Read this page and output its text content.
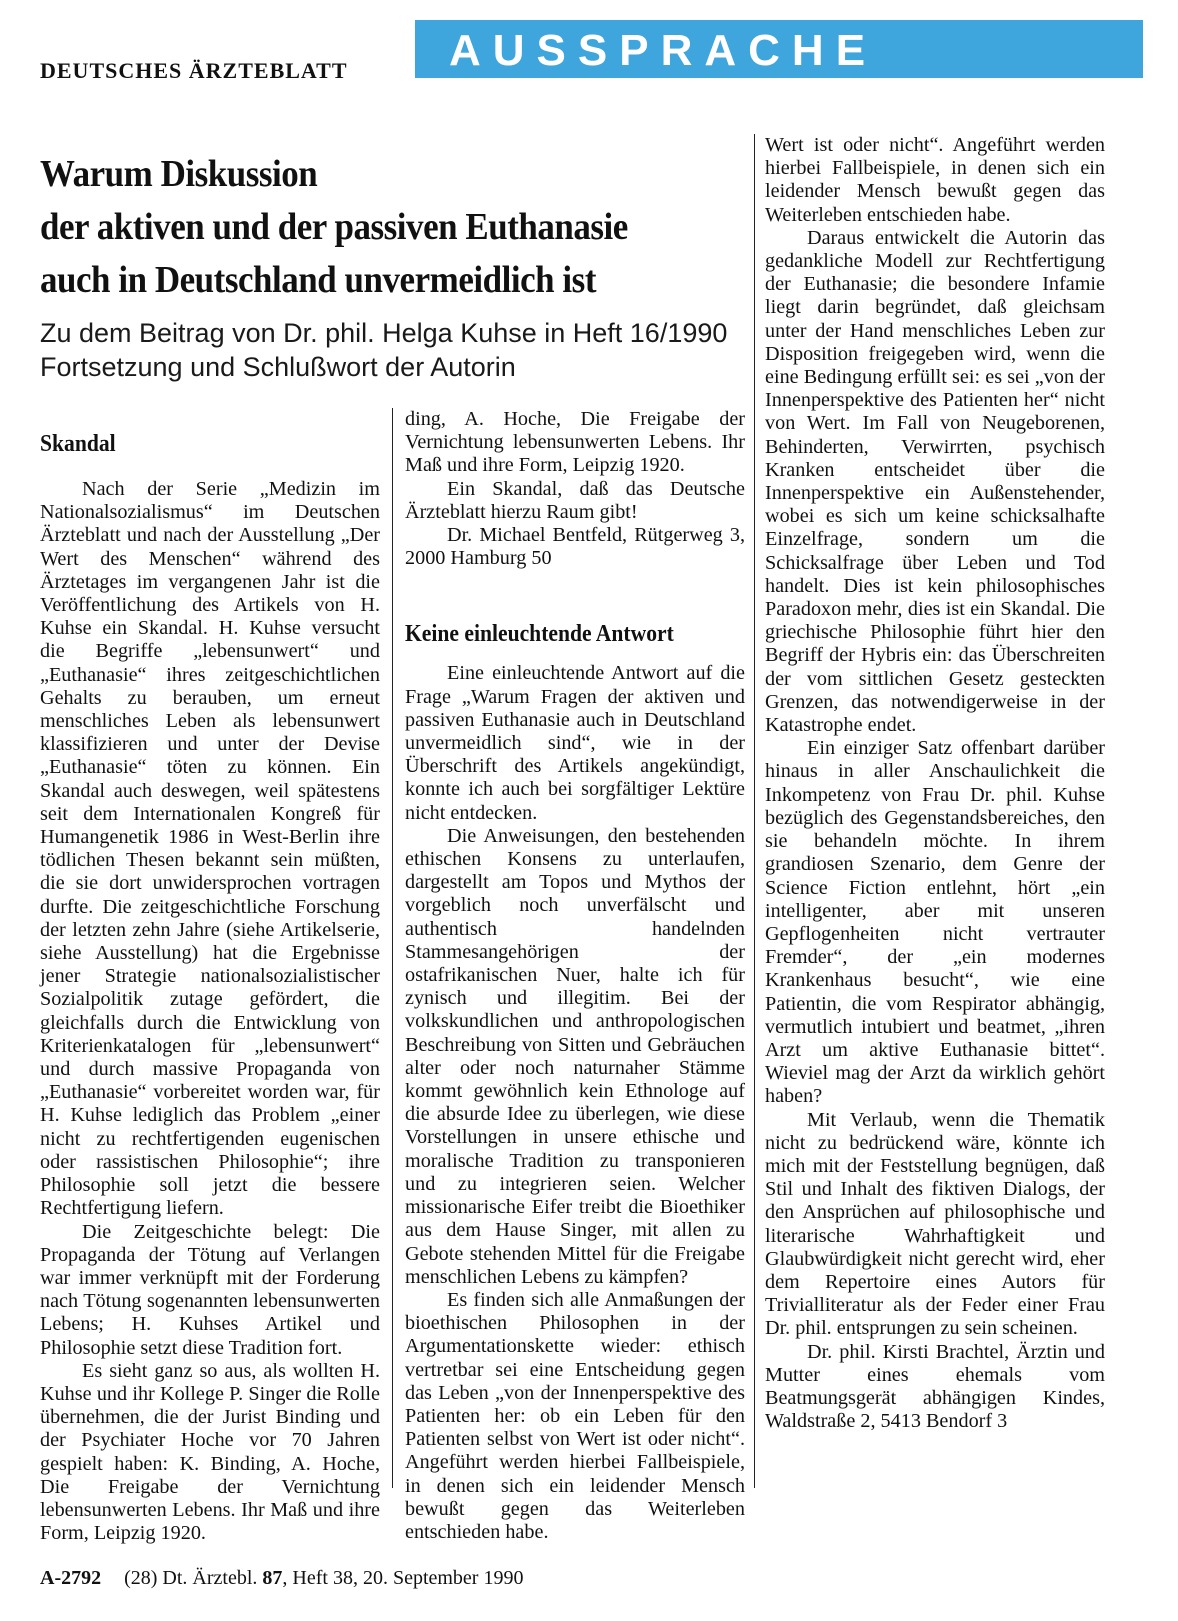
DEUTSCHES ÄRZTEBLATT AUSSPRACHE
Warum Diskussion
der aktiven und der passiven Euthanasie
auch in Deutschland unvermeidlich ist
Zu dem Beitrag von Dr. phil. Helga Kuhse in Heft 16/1990
Fortsetzung und Schlußwort der Autorin
Skandal

Nach der Serie „Medizin im Nationalsozialismus“ im Deutschen Ärzteblatt und nach der Ausstellung „Der Wert des Menschen“ während des Ärztetages im vergangenen Jahr ist die Veröffentlichung des Artikels von H. Kuhse ein Skandal. H. Kuhse versucht die Begriffe „lebensunwert“ und „Euthanasie“ ihres zeitgeschichtlichen Gehalts zu berauben, um erneut menschliches Leben als lebensunwert klassifizieren und unter der Devise „Euthanasie“ töten zu können. Ein Skandal auch deswegen, weil spätestens seit dem Internationalen Kongreß für Humangenetik 1986 in West-Berlin ihre tödlichen Thesen bekannt sein müßten, die sie dort unwidersprochen vortragen durfte. Die zeitgeschichtliche Forschung der letzten zehn Jahre (siehe Artikelserie, siehe Ausstellung) hat die Ergebnisse jener Strategie nationalsozialistischer Sozialpolitik zutage gefördert, die gleichfalls durch die Entwicklung von Kriterienkatalogen für „lebensunwert“ und durch massive Propaganda von „Euthanasie“ vorbereitet worden war, für H. Kuhse lediglich das Problem „einer nicht zu rechtfertigenden eugenischen oder rassistischen Philosophie“; ihre Philosophie soll jetzt die bessere Rechtfertigung liefern.

Die Zeitgeschichte belegt: Die Propaganda der Tötung auf Verlangen war immer verknüpft mit der Forderung nach Tötung sogenannten lebensunwerten Lebens; H. Kuhses Artikel und Philosophie setzt diese Tradition fort.

Es sieht ganz so aus, als wollten H. Kuhse und ihr Kollege P. Singer die Rolle übernehmen, die der Jurist Binding und der Psychiater Hoche vor 70 Jahren gespielt haben: K. Binding, A. Hoche, Die Freigabe der Vernichtung lebensunwerten Lebens. Ihr Maß und ihre Form, Leipzig 1920.

ding, A. Hoche, Die Freigabe der Vernichtung lebensunwerten Lebens. Ihr Maß und ihre Form, Leipzig 1920.

Ein Skandal, daß das Deutsche Ärzteblatt hierzu Raum gibt!

Dr. Michael Bentfeld, Rütgerweg 3, 2000 Hamburg 50

Keine einleuchtende Antwort

Eine einleuchtende Antwort auf die Frage „Warum Fragen der aktiven und passiven Euthanasie auch in Deutschland unvermeidlich sind“, wie in der Überschrift des Artikels angekündigt, konnte ich auch bei sorgfältiger Lektüre nicht entdecken.

Die Anweisungen, den bestehenden ethischen Konsens zu unterlaufen, dargestellt am Topos und Mythos der vorgeblich noch unverfälscht und authentisch handelnden Stammesangehörigen der ostafrikanischen Nuer, halte ich für zynisch und illegitim. Bei der volkskundlichen und anthropologischen Beschreibung von Sitten und Gebräuchen alter oder noch naturnaher Stämme kommt gewöhnlich kein Ethnologe auf die absurde Idee zu überlegen, wie diese Vorstellungen in unsere ethische und moralische Tradition zu transponieren und zu integrieren seien. Welcher missionarische Eifer treibt die Bioethiker aus dem Hause Singer, mit allen zu Gebote stehenden Mittel für die Freigabe menschlichen Lebens zu kämpfen?

Es finden sich alle Anmaßungen der bioethischen Philosophen in der Argumentationskette wieder: ethisch vertretbar sei eine Entscheidung gegen das Leben „von der Innenperspektive des Patienten her: ob ein Leben für den Patienten selbst von Wert ist oder nicht“. Angeführt werden hierbei Fallbeispiele, in denen sich ein leidender Mensch bewußt gegen das Weiterleben entschieden habe.

Wert ist oder nicht“. Angeführt werden hierbei Fallbeispiele, in denen sich ein leidender Mensch bewußt gegen das Weiterleben entschieden habe.

Daraus entwickelt die Autorin das gedankliche Modell zur Rechtfertigung der Euthanasie; die besondere Infamie liegt darin begründet, daß gleichsam unter der Hand menschliches Leben zur Disposition freigegeben wird, wenn die eine Bedingung erfüllt sei: es sei „von der Innenperspektive des Patienten her“ nicht von Wert. Im Fall von Neugeborenen, Behinderten, Verwirrten, psychisch Kranken entscheidet über die Innenperspektive ein Außenstehender, wobei es sich um keine schicksalhafte Einzelfrage, sondern um die Schicksalfrage über Leben und Tod handelt. Dies ist kein philosophisches Paradoxon mehr, dies ist ein Skandal. Die griechische Philosophie führt hier den Begriff der Hybris ein: das Überschreiten der vom sittlichen Gesetz gesteckten Grenzen, das notwendigerweise in der Katastrophe endet.

Ein einziger Satz offenbart darüber hinaus in aller Anschaulichkeit die Inkompetenz von Frau Dr. phil. Kuhse bezüglich des Gegenstandsbereiches, den sie behandeln möchte. In ihrem grandiosen Szenario, dem Genre der Science Fiction entlehnt, hört „ein intelligenter, aber mit unseren Gepflogenheiten nicht vertrauter Fremder“, der „ein modernes Krankenhaus besucht“, wie eine Patientin, die vom Respirator abhängig, vermutlich intubiert und beatmet, „ihren Arzt um aktive Euthanasie bittet“. Wieviel mag der Arzt da wirklich gehört haben?

Mit Verlaub, wenn die Thematik nicht zu bedrückend wäre, könnte ich mich mit der Feststellung begnügen, daß Stil und Inhalt des fiktiven Dialogs, der den Ansprüchen auf philosophische und literarische Wahrhaftigkeit und Glaubwürdigkeit nicht gerecht wird, eher dem Repertoire eines Autors für Trivialliteratur als der Feder einer Frau Dr. phil. entsprungen zu sein scheinen.

Dr. phil. Kirsti Brachtel, Ärztin und Mutter eines ehemals vom Beatmungsgerät abhängigen Kindes, Waldstraße 2, 5413 Bendorf 3

A-2792 (28) Dt. Ärztebl. 87, Heft 38, 20. September 1990
